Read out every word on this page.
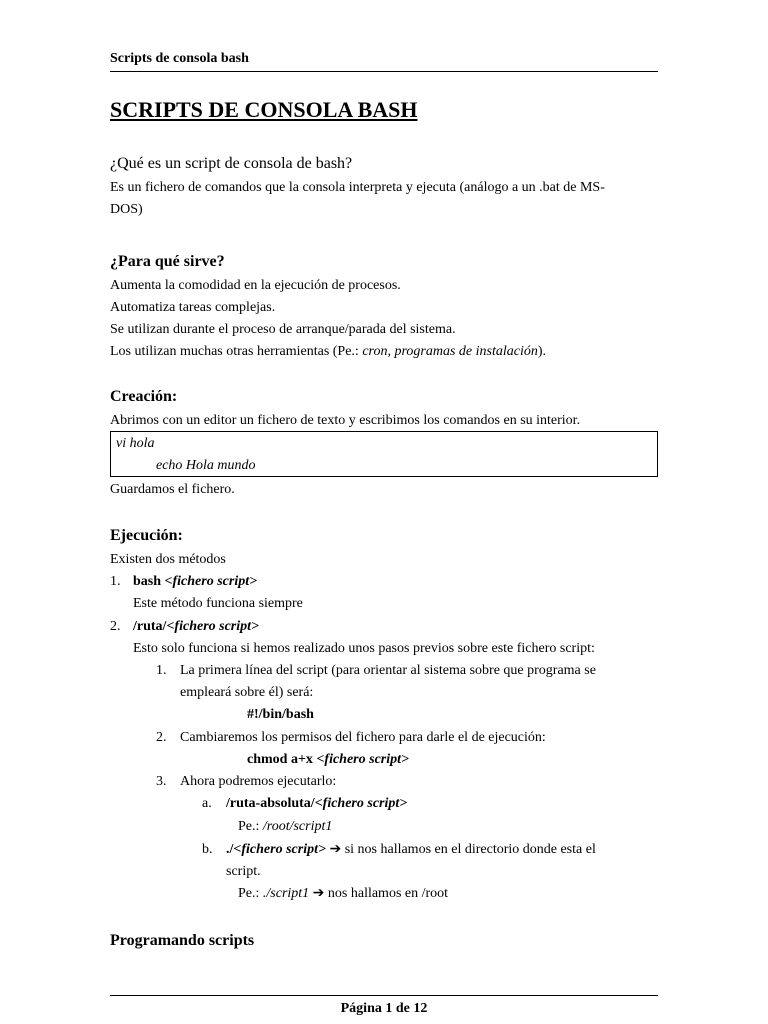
Scripts de consola bash
SCRIPTS DE CONSOLA BASH
¿Qué es un script de consola de bash?
Es un fichero de comandos que la consola interpreta y ejecuta (análogo a un .bat de MS-
DOS)
¿Para qué sirve?
Aumenta la comodidad en la ejecución de procesos.
Automatiza tareas complejas.
Se utilizan durante el proceso de arranque/parada del sistema.
Los utilizan muchas otras herramientas (Pe.: cron, programas de instalación).
Creación:
Abrimos con un editor un fichero de texto y escribimos los comandos en su interior.
vi hola
echo Hola mundo
Guardamos el fichero.
Ejecución:
Existen dos métodos
1. bash <fichero script>
Este método funciona siempre
2. /ruta/<fichero script>
Esto solo funciona si hemos realizado unos pasos previos sobre este fichero script:
1. La primera línea del script (para orientar al sistema sobre que programa se
empleará sobre él) será:
#!/bin/bash
2. Cambiaremos los permisos del fichero para darle el de ejecución:
chmod a+x <fichero script>
3. Ahora podremos ejecutarlo:
a. /ruta-absoluta/<fichero script>
Pe.: /root/script1
b. ./<fichero script> ➔ si nos hallamos en el directorio donde esta el
script.
Pe.: ./script1 ➔ nos hallamos en /root
Programando scripts
Página 1 de 12
